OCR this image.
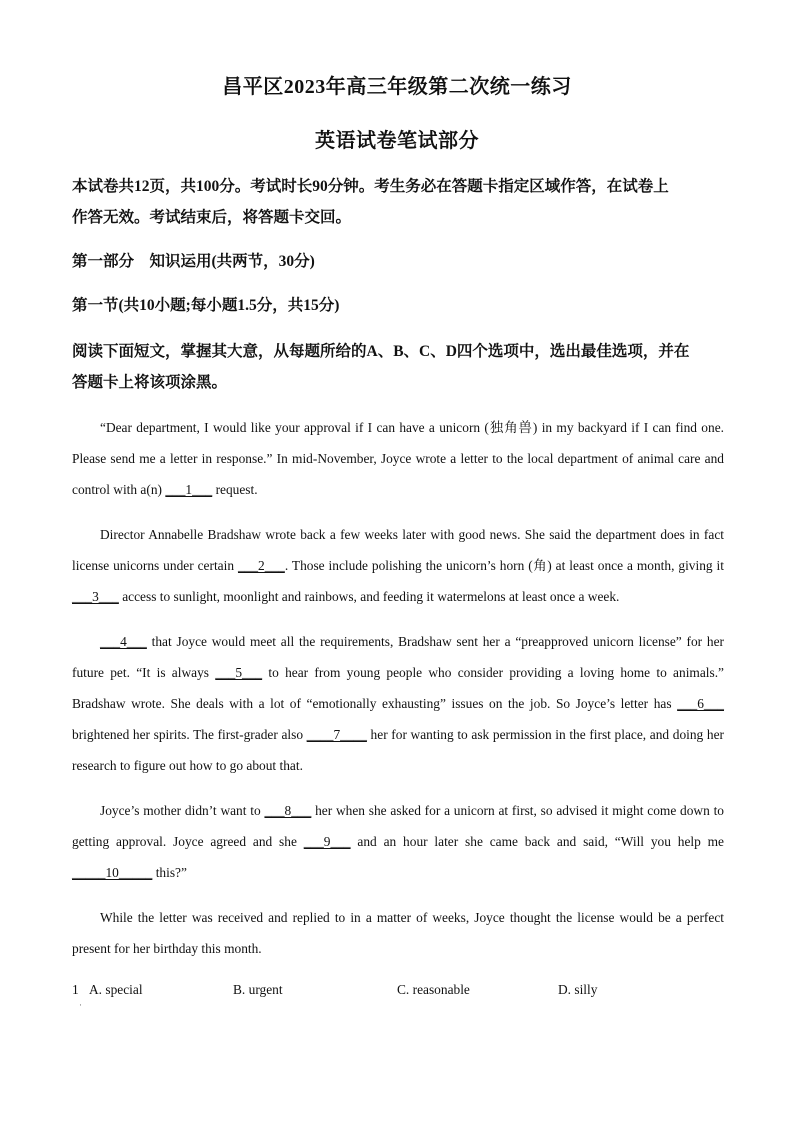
昌平区2023年高三年级第二次统一练习
英语试卷笔试部分
本试卷共12页，共100分。考试时长90分钟。考生务必在答题卡指定区域作答，在试卷上
作答无效。考试结束后，将答题卡交回。
第一部分　知识运用(共两节，30分)
第一节(共10小题;每小题1.5分，共15分)
阅读下面短文，掌握其大意，从每题所给的A、B、C、D四个选项中，选出最佳选项，并在
答题卡上将该项涂黑。
“Dear department, I would like your approval if I can have a unicorn (独角兽) in my backyard if I can find one. Please send me a letter in response.” In mid-November, Joyce wrote a letter to the local department of animal care and control with a(n) ___1___ request.
Director Annabelle Bradshaw wrote back a few weeks later with good news. She said the department does in fact license unicorns under certain ___2___. Those include polishing the unicorn’s horn (角) at least once a month, giving it ___3___ access to sunlight, moonlight and rainbows, and feeding it watermelons at least once a week.
___4___ that Joyce would meet all the requirements, Bradshaw sent her a “preapproved unicorn license” for her future pet. “It is always ___5___ to hear from young people who consider providing a loving home to animals.” Bradshaw wrote. She deals with a lot of “emotionally exhausting” issues on the job. So Joyce’s letter has ___6___ brightened her spirits. The first-grader also ____7____ her for wanting to ask permission in the first place, and doing her research to figure out how to go about that.
Joyce’s mother didn’t want to ___8___ her when she asked for a unicorn at first, so advised it might come down to getting approval. Joyce agreed and she ___9___ and an hour later she came back and said, “Will you help me _____10_____ this?”
While the letter was received and replied to in a matter of weeks, Joyce thought the license would be a perfect present for her birthday this month.
1
·
A. special	B. urgent	C. reasonable	D. silly
